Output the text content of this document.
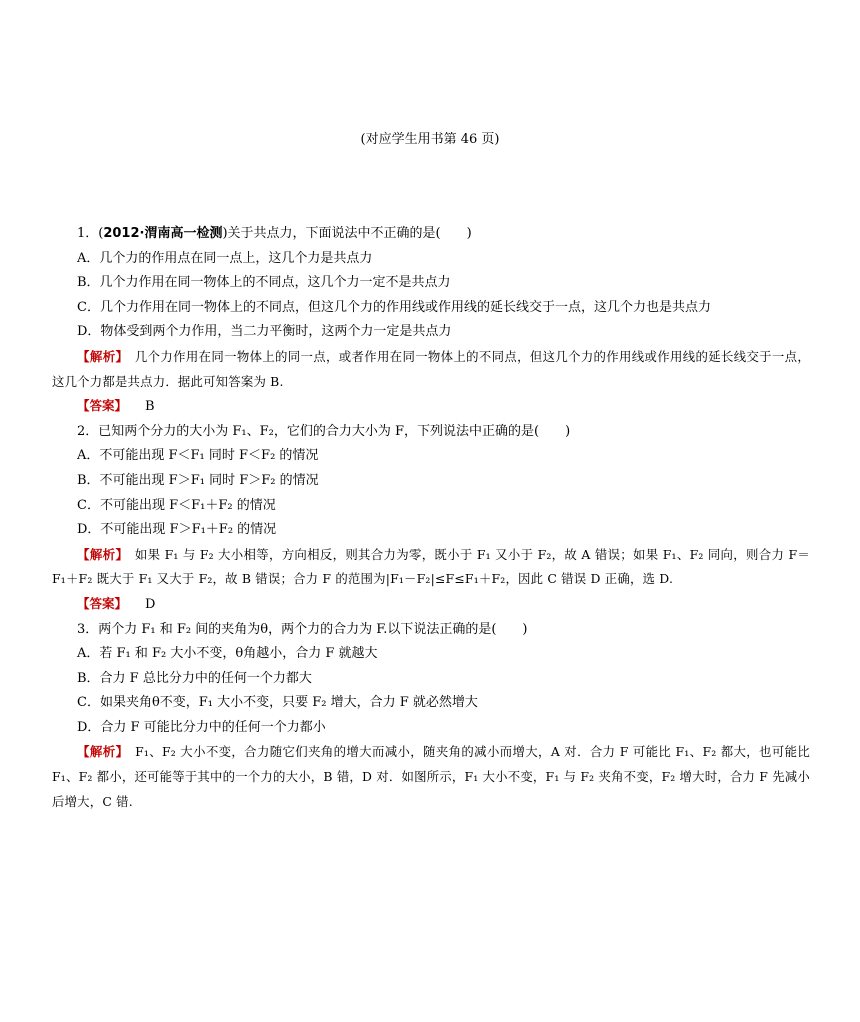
(对应学生用书第 46 页)
1．(2012·渭南高一检测)关于共点力，下面说法中不正确的是(　　)
A．几个力的作用点在同一点上，这几个力是共点力
B．几个力作用在同一物体上的不同点，这几个力一定不是共点力
C．几个力作用在同一物体上的不同点，但这几个力的作用线或作用线的延长线交于一点，这几个力也是共点力
D．物体受到两个力作用，当二力平衡时，这两个力一定是共点力
【解析】　 几个力作用在同一物体上的同一点，或者作用在同一物体上的不同点，但这几个力的作用线或作用线的延长线交于一点，这几个力都是共点力．据此可知答案为 B.
【答案】 B
2．已知两个分力的大小为 F₁、F₂，它们的合力大小为 F，下列说法中正确的是(　　)
A．不可能出现 F＜F₁ 同时 F＜F₂ 的情况
B．不可能出现 F＞F₁ 同时 F＞F₂ 的情况
C．不可能出现 F＜F₁＋F₂ 的情况
D．不可能出现 F＞F₁＋F₂ 的情况
【解析】　 如果 F₁ 与 F₂ 大小相等，方向相反，则其合力为零，既小于 F₁ 又小于 F₂，故 A 错误；如果 F₁、F₂ 同向，则合力 F＝F₁＋F₂ 既大于 F₁ 又大于 F₂，故 B 错误；合力 F 的范围为|F₁－F₂|≤F≤F₁＋F₂，因此 C 错误 D 正确，选 D.
【答案】 D
3．两个力 F₁ 和 F₂ 间的夹角为θ，两个力的合力为 F.以下说法正确的是(　　)
A．若 F₁ 和 F₂ 大小不变，θ角越小，合力 F 就越大
B．合力 F 总比分力中的任何一个力都大
C．如果夹角θ不变，F₁ 大小不变，只要 F₂ 增大，合力 F 就必然增大
D．合力 F 可能比分力中的任何一个力都小
【解析】　 F₁、F₂ 大小不变，合力随它们夹角的增大而减小，随夹角的减小而增大，A 对．合力 F 可能比 F₁、F₂ 都大，也可能比 F₁、F₂ 都小，还可能等于其中的一个力的大小，B 错，D 对．如图所示，F₁ 大小不变，F₁ 与 F₂ 夹角不变，F₂ 增大时，合力 F 先减小后增大，C 错.
